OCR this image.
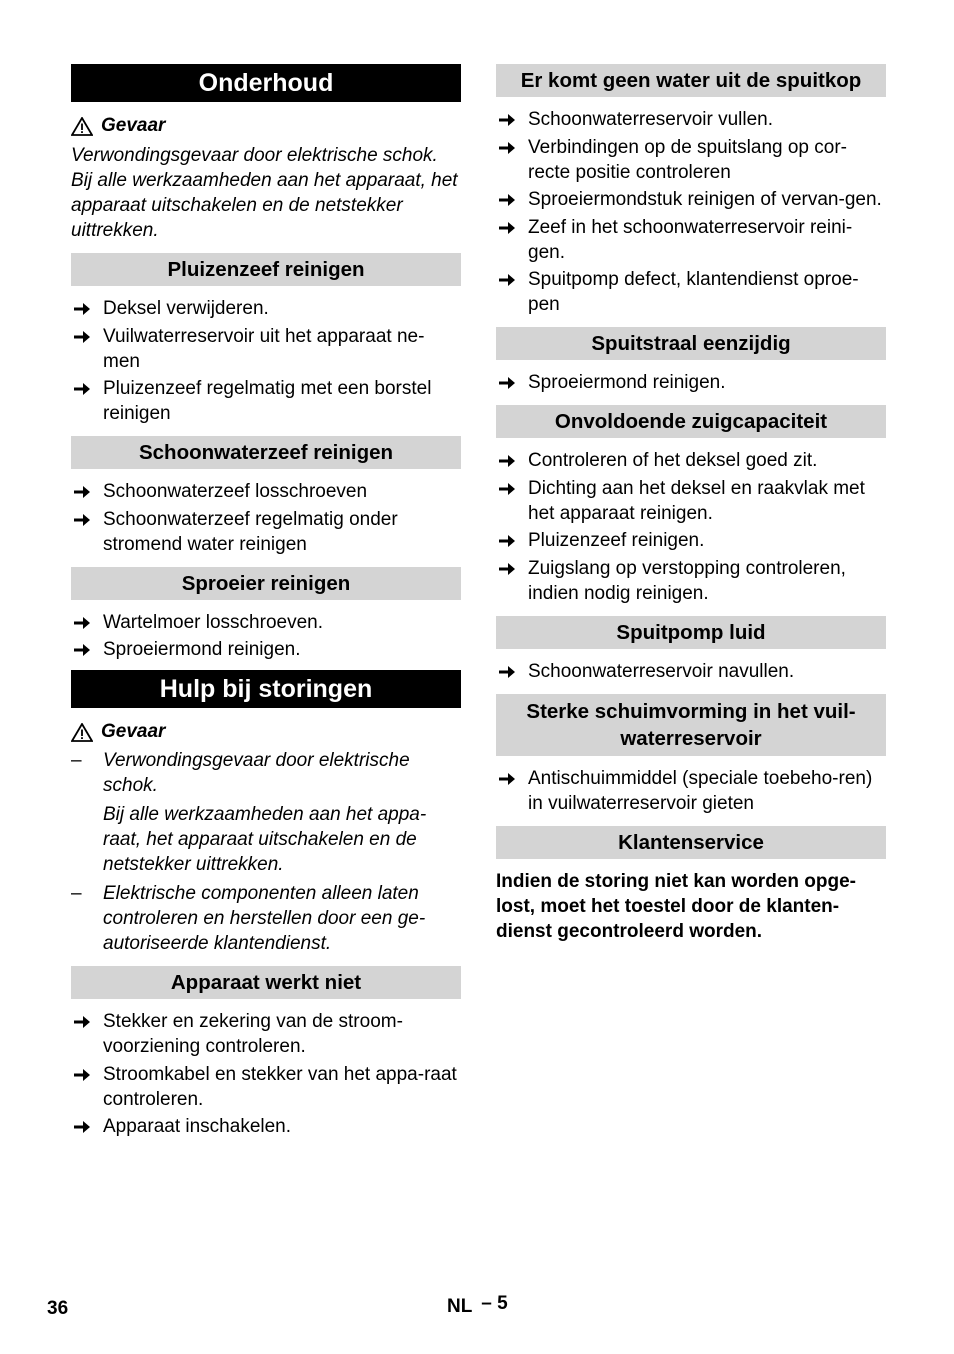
Onderhoud
Gevaar
Verwondingsgevaar door elektrische schok.
Bij alle werkzaamheden aan het apparaat, het apparaat uitschakelen en de netstekker uittrekken.
Pluizenzeef reinigen
Deksel verwijderen.
Vuilwaterreservoir uit het apparaat ne-men
Pluizenzeef regelmatig met een borstel reinigen
Schoonwaterzeef reinigen
Schoonwaterzeef losschroeven
Schoonwaterzeef regelmatig onder stromend water reinigen
Sproeier reinigen
Wartelmoer losschroeven.
Sproeiermond reinigen.
Hulp bij storingen
Gevaar
– Verwondingsgevaar door elektrische schok.

Bij alle werkzaamheden aan het appa-raat, het apparaat uitschakelen en de netstekker uittrekken.

– Elektrische componenten alleen laten controleren en herstellen door een ge-autoriseerde klantendienst.

Apparaat werkt niet
Stekker en zekering van de stroom-voorziening controleren.
Stroomkabel en stekker van het appa-raat controleren.
Apparaat inschakelen.
Er komt geen water uit de spuitkop
Schoonwaterreservoir vullen.
Verbindingen op de spuitslang op cor-recte positie controleren
Sproeiermondstuk reinigen of vervan-gen.
Zeef in het schoonwaterreservoir reini-gen.
Spuitpomp defect, klantendienst oproe-pen
Spuitstraal eenzijdig
Sproeiermond reinigen.
Onvoldoende zuigcapaciteit
Controleren of het deksel goed zit.
Dichting aan het deksel en raakvlak met het apparaat reinigen.
Pluizenzeef reinigen.
Zuigslang op verstopping controleren, indien nodig reinigen.
Spuitpomp luid
Schoonwaterreservoir navullen.
Sterke schuimvorming in het vuil-waterreservoir
Antischuimmiddel (speciale toebeho-ren) in vuilwaterreservoir gieten
Klantenservice
Indien de storing niet kan worden opge-lost, moet het toestel door de klanten-dienst gecontroleerd worden.
36	NL – 5
